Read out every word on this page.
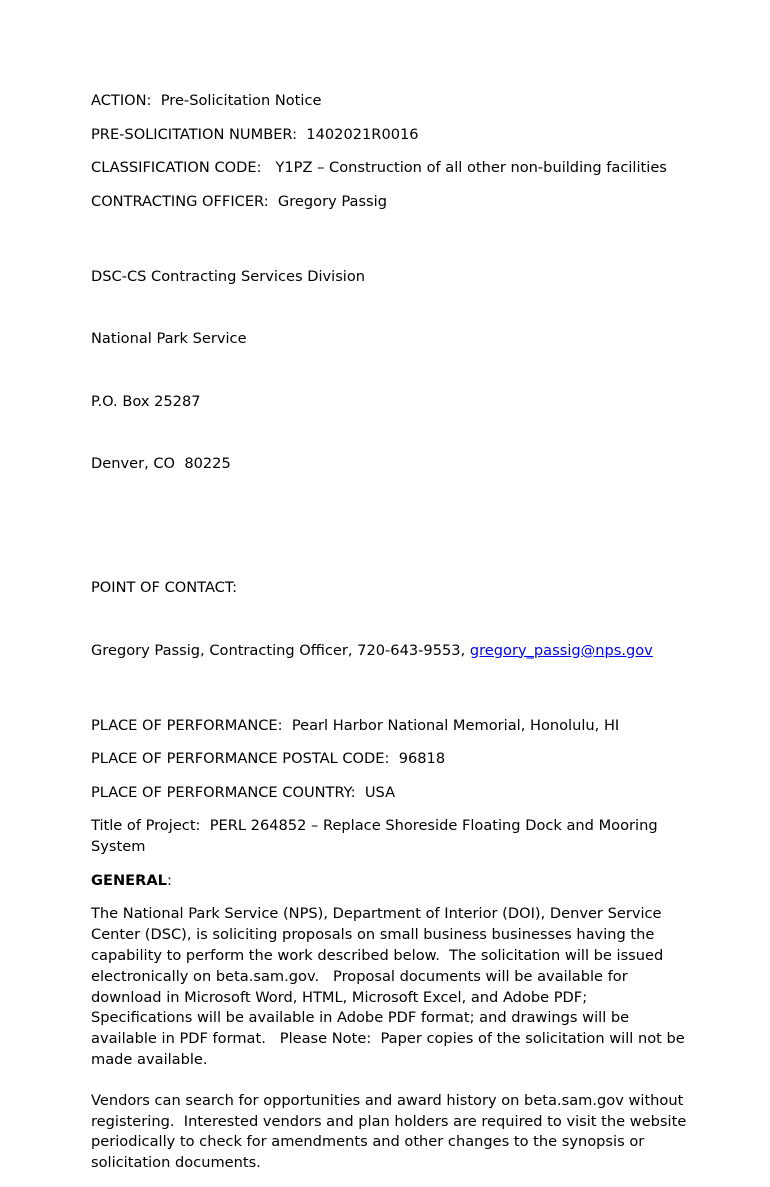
ACTION:  Pre-Solicitation Notice

PRE-SOLICITATION NUMBER:  1402021R0016

CLASSIFICATION CODE:   Y1PZ – Construction of all other non-building facilities

CONTRACTING OFFICER:  Gregory Passig

DSC-CS Contracting Services Division

National Park Service

P.O. Box 25287

Denver, CO  80225

POINT OF CONTACT:

Gregory Passig, Contracting Officer, 720-643-9553, gregory_passig@nps.gov

PLACE OF PERFORMANCE:  Pearl Harbor National Memorial, Honolulu, HI

PLACE OF PERFORMANCE POSTAL CODE:  96818

PLACE OF PERFORMANCE COUNTRY:  USA

Title of Project:  PERL 264852 – Replace Shoreside Floating Dock and Mooring System

GENERAL:

The National Park Service (NPS), Department of Interior (DOI), Denver Service Center (DSC), is soliciting proposals on small business businesses having the capability to perform the work described below.  The solicitation will be issued electronically on beta.sam.gov.   Proposal documents will be available for download in Microsoft Word, HTML, Microsoft Excel, and Adobe PDF; Specifications will be available in Adobe PDF format; and drawings will be available in PDF format.   Please Note:  Paper copies of the solicitation will not be made available.

Vendors can search for opportunities and award history on beta.sam.gov without registering.  Interested vendors and plan holders are required to visit the website periodically to check for amendments and other changes to the synopsis or solicitation documents.
